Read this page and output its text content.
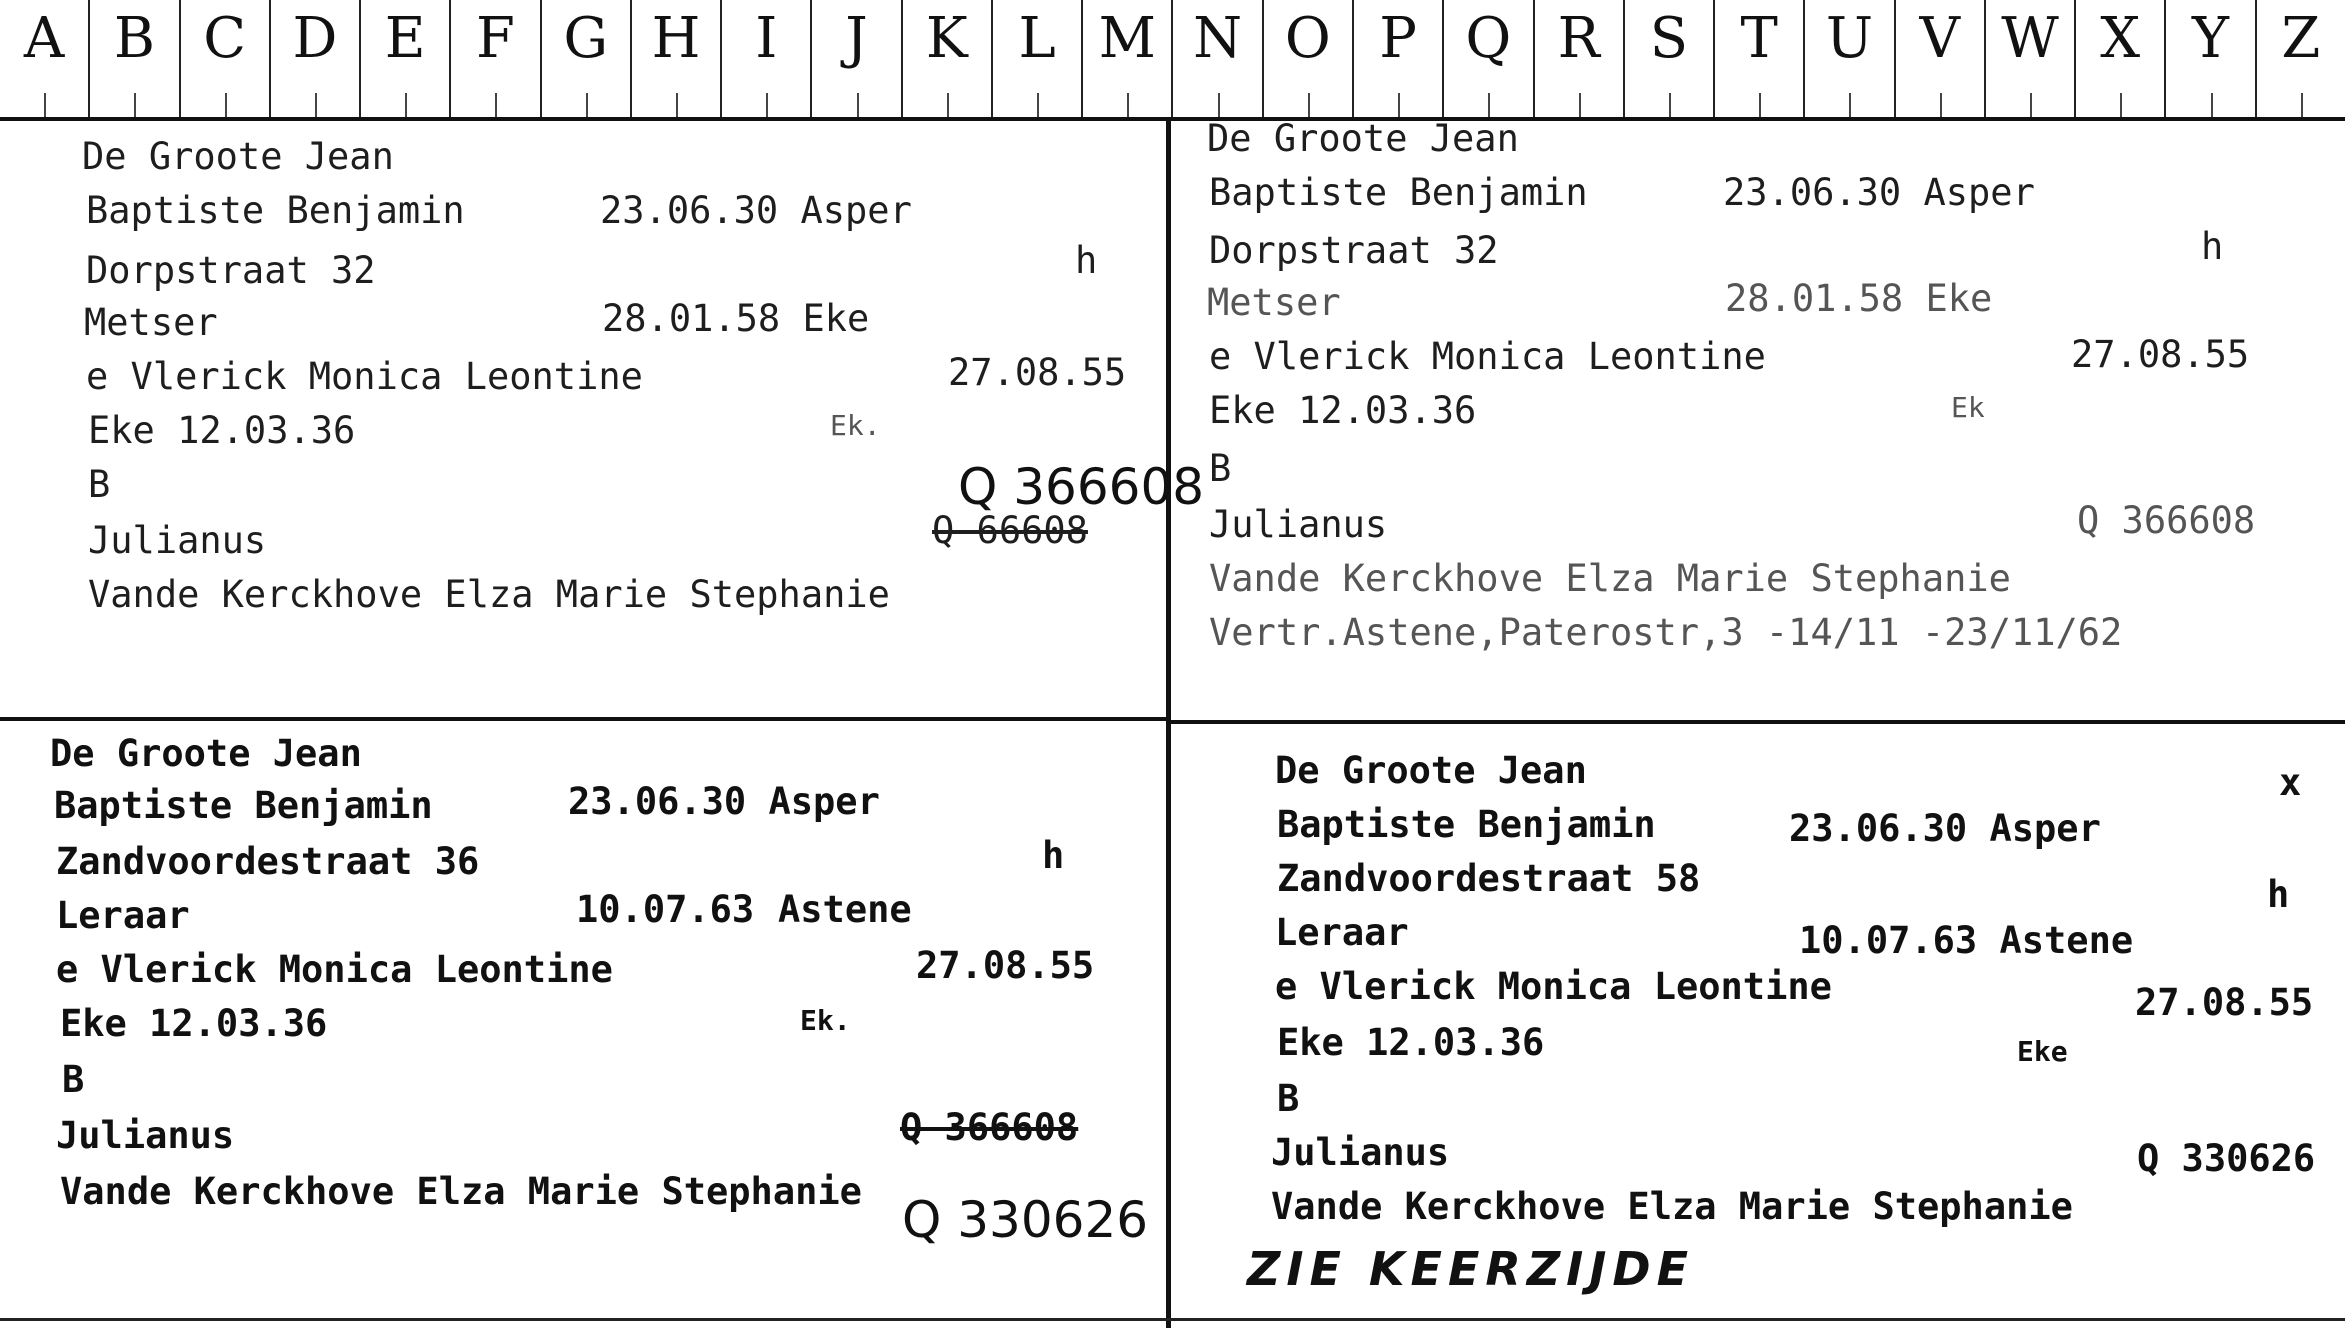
A B C D E F G H I	J	K L M N O P Q R S T U V W X Y Z
De Groote Jean
Baptiste Benjamin	23.06.30 Asper
Dorpstraat 32	h
Metser	28.01.58 Eke
e Vlerick Monica Leontine	27.08.55
Eke 12.03.36	Ek.
B	Q 366608
Q 66608
Julianus
Vande Kerckhove Elza Marie Stephanie
De Groote Jean
Baptiste Benjamin	23.06.30 Asper
Dorpstraat 32	h
Metser	28.01.58 Eke
e Vlerick Monica Leontine	27.08.55
Eke 12.03.36	Ek
B
Julianus	Q 366608
Vande Kerckhove Elza Marie Stephanie
Vertr.Astene,Paterostr,3 -14/11 -23/11/62
De Groote Jean
Baptiste Benjamin	23.06.30 Asper
Zandvoordestraat 36	h
Leraar	10.07.63 Astene
e Vlerick Monica Leontine	27.08.55
Eke 12.03.36	Ek.
B
Q 366608
Julianus
Vande Kerckhove Elza Marie Stephanie Q 330626
De Groote Jean	x
Baptiste Benjamin	23.06.30 Asper
Zandvoordestraat 58	h
Leraar	10.07.63 Astene
e Vlerick Monica Leontine	27.08.55
Eke 12.03.36	Eke
B
Julianus	Q 330626
Vande Kerckhove Elza Marie Stephanie
ZIE KEERZIJDE
